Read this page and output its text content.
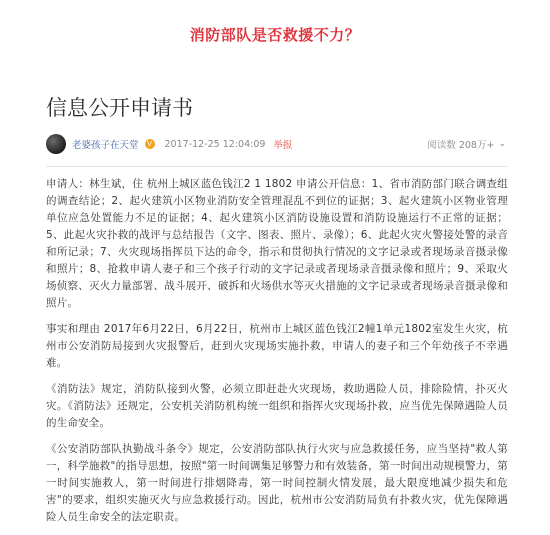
消防部队是否救援不力？
信息公开申请书
老婆孩子在天堂	V 2017-12-25 12:04:09 举报	阅读数 208万+ ⌄

申请人：林生斌，住 杭州上城区蓝色钱江2 1 1802 申请公开信息：1、省市消防部门联合调查组的调查结论；2、起火建筑小区物业消防安全管理混乱不到位的证据；3、起火建筑小区物业管理单位应急处置能力不足的证据；4、起火建筑小区消防设施设置和消防设施运行不正常的证据；5、此起火灾扑救的战评与总结报告（文字、图表、照片、录像）；6、此起火灾火警接处警的录音和所记录；7、火灾现场指挥员下达的命令，指示和贯彻执行情况的文字记录或者现场录音摄录像和照片；8、抢救申请人妻子和三个孩子行动的文字记录或者现场录音摄录像和照片；9、采取火场侦察、灭火力量部署、战斗展开、破拆和火场供水等灭火措施的文字记录或者现场录音摄录像和照片。

事实和理由 2017年6月22日，6月22日，杭州市上城区蓝色钱江2幢1单元1802室发生火灾，杭州市公安消防局接到火灾报警后，赶到火灾现场实施扑救，申请人的妻子和三个年幼孩子不幸遇难。

《消防法》规定，消防队接到火警，必须立即赶赴火灾现场，救助遇险人员，排除险情，扑灭火灾。《消防法》还规定，公安机关消防机构统一组织和指挥火灾现场扑救，应当优先保障遇险人员的生命安全。

《公安消防部队执勤战斗条令》规定，公安消防部队执行火灾与应急救援任务，应当坚持"救人第一，科学施救"的指导思想，按照"第一时间调集足够警力和有效装备，第一时间出动规模警力，第一时间实施救人，第一时间进行排烟降毒，第一时间控制火情发展，最大限度地减少损失和危害"的要求，组织实施灭火与应急救援行动。因此，杭州市公安消防局负有扑救火灾，优先保障遇险人员生命安全的法定职责。
